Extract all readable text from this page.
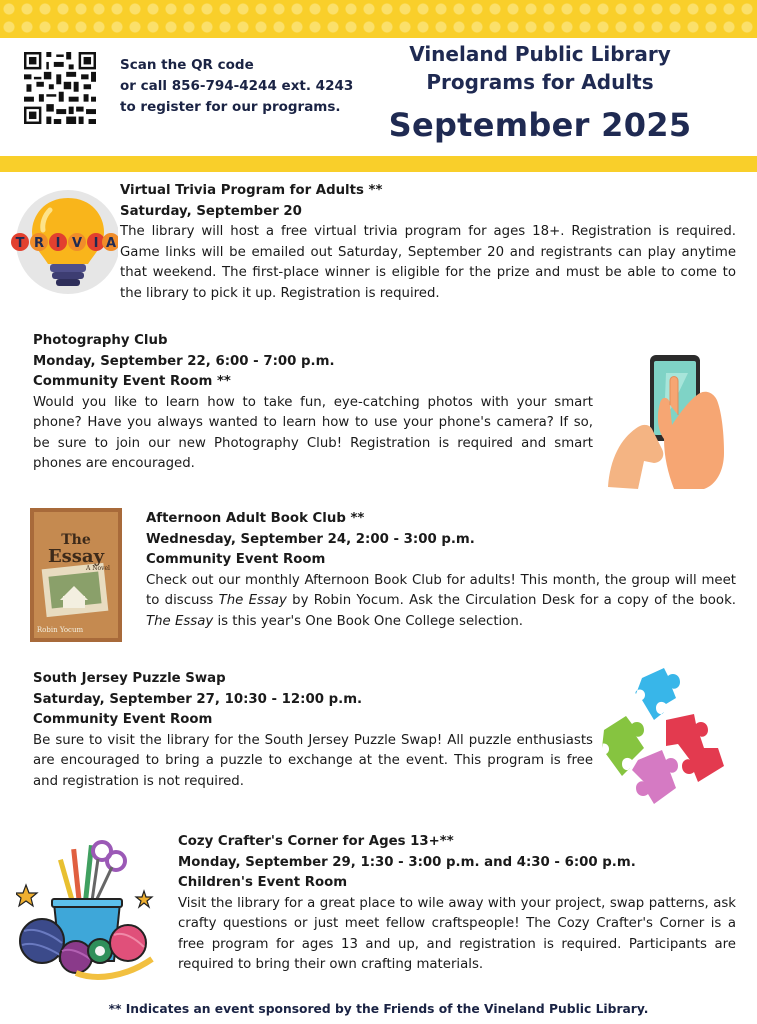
Scan the QR code
or call 856-794-4244 ext. 4243
to register for our programs.
Vineland Public Library
Programs for Adults
September 2025
T R I V I A
Virtual Trivia Program for Adults **
Saturday, September 20
The library will host a free virtual trivia program for ages 18+. Registration is required. Game links will be emailed out Saturday, September 20 and registrants can play anytime that weekend. The first-place winner is eligible for the prize and must be able to come to the library to pick it up. Registration is required.
Photography Club
Monday, September 22, 6:00 - 7:00 p.m.
Community Event Room **
Would you like to learn how to take fun, eye-catching photos with your smart phone? Have you always wanted to learn how to use your phone's camera? If so, be sure to join our new Photography Club! Registration is required and smart phones are encouraged.
The
Essay
A Novel
Robin Yocum
Afternoon Adult Book Club **
Wednesday, September 24, 2:00 - 3:00 p.m.
Community Event Room
Check out our monthly Afternoon Book Club for adults! This month, the group will meet to discuss The Essay by Robin Yocum. Ask the Circulation Desk for a copy of the book. The Essay is this year's One Book One College selection.
South Jersey Puzzle Swap
Saturday, September 27, 10:30 - 12:00 p.m.
Community Event Room
Be sure to visit the library for the South Jersey Puzzle Swap! All puzzle enthusiasts are encouraged to bring a puzzle to exchange at the event. This program is free and registration is not required.
Cozy Crafter's Corner for Ages 13+**
Monday, September 29, 1:30 - 3:00 p.m. and 4:30 - 6:00 p.m.
Children's Event Room
Visit the library for a great place to wile away with your project, swap patterns, ask crafty questions or just meet fellow craftspeople! The Cozy Crafter's Corner is a free program for ages 13 and up, and registration is required. Participants are required to bring their own crafting materials.
** Indicates an event sponsored by the Friends of the Vineland Public Library.
